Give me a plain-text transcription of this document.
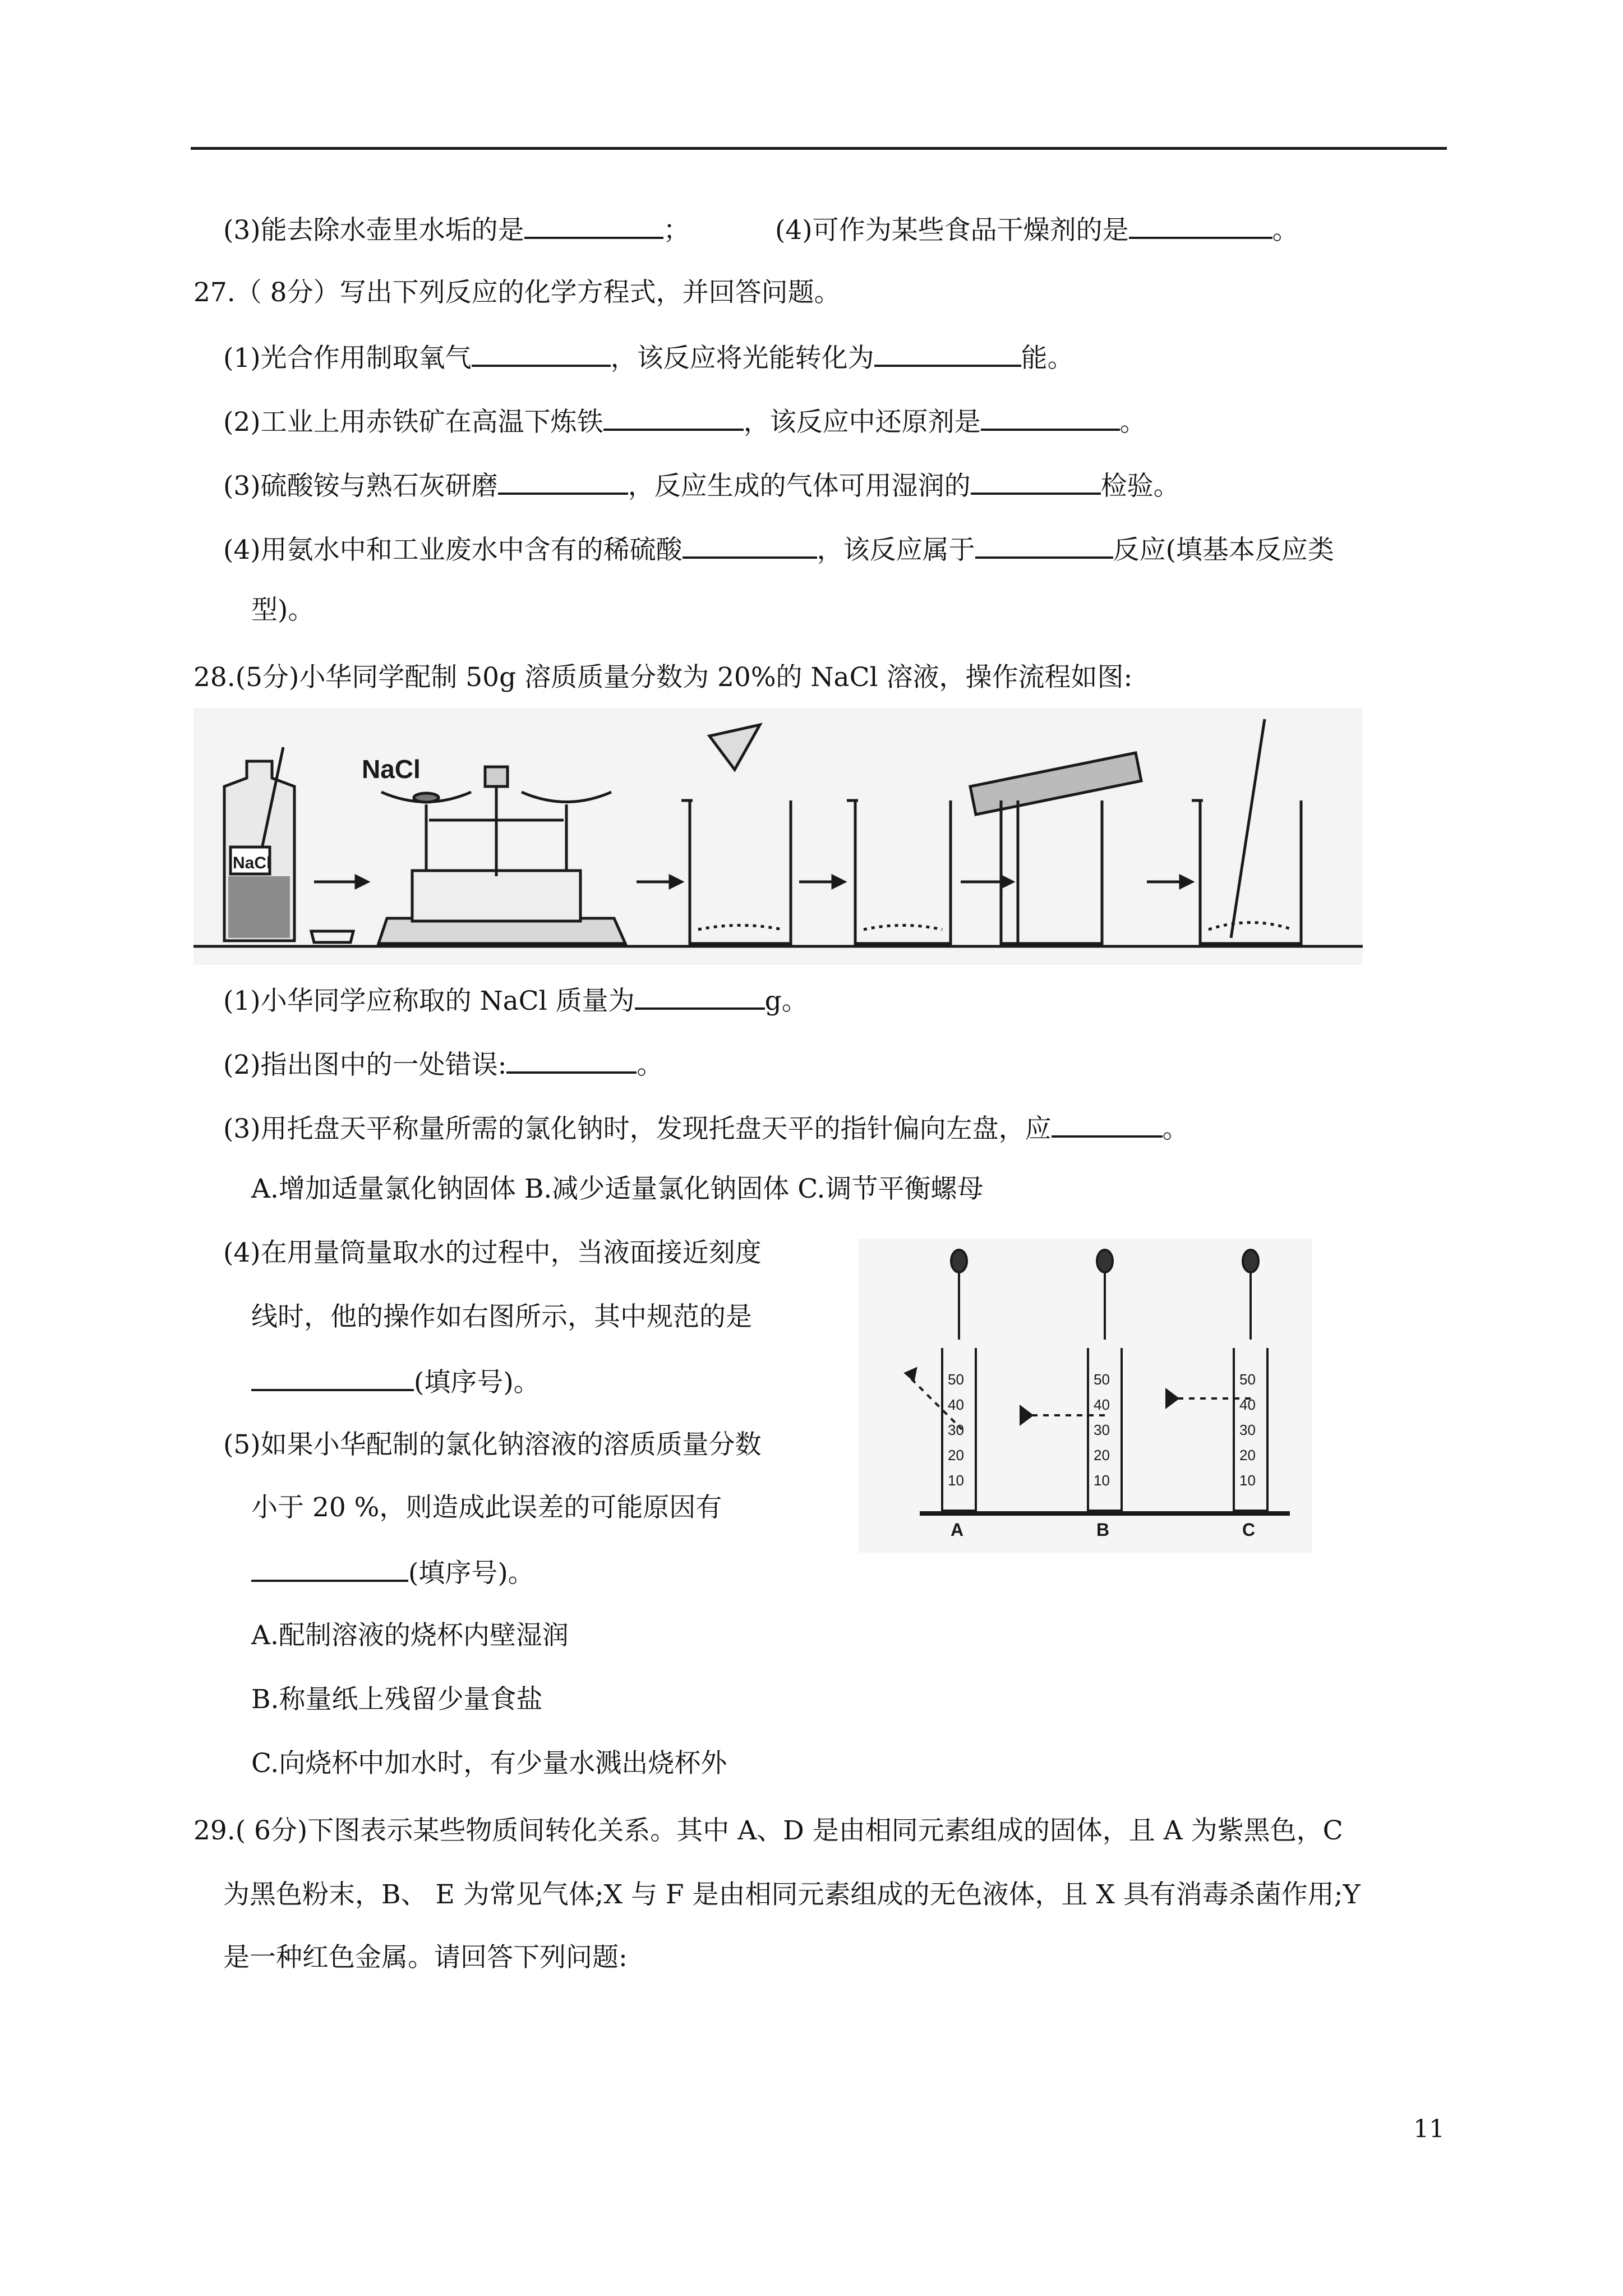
(3)能去除水壶里水垢的是	；	(4)可作为某些食品干燥剂的是	。
27.（ 8分）写出下列反应的化学方程式，并回答问题。
(1)光合作用制取氧气	，该反应将光能转化为	能。
(2)工业上用赤铁矿在高温下炼铁	，该反应中还原剂是	。
(3)硫酸铵与熟石灰研磨	，反应生成的气体可用湿润的	检验。
(4)用氨水中和工业废水中含有的稀硫酸	，该反应属于	反应(填基本反应类
型)。
28.(5分)小华同学配制 50g 溶质质量分数为 20%的 NaCl 溶液，操作流程如图:
NaCl
NaCl
(1)小华同学应称取的 NaCl 质量为	g。
(2)指出图中的一处错误:	。
(3)用托盘天平称量所需的氯化钠时，发现托盘天平的指针偏向左盘，应	。
A.增加适量氯化钠固体 B.减少适量氯化钠固体 C.调节平衡螺母
(4)在用量筒量取水的过程中，当液面接近刻度
线时，他的操作如右图所示，其中规范的是
(填序号)。
(5)如果小华配制的氯化钠溶液的溶质质量分数
小于 20 %，则造成此误差的可能原因有
(填序号)。
A.配制溶液的烧杯内壁湿润
B.称量纸上残留少量食盐
C.向烧杯中加水时，有少量水溅出烧杯外
50
40
30
20
10
50
40
30
20
10
50
40
30
20
10
A	B	C
29.( 6分)下图表示某些物质间转化关系。其中 A、D 是由相同元素组成的固体，且 A 为紫黑色，C
为黑色粉末，B、 E 为常见气体;X 与 F 是由相同元素组成的无色液体，且 X 具有消毒杀菌作用;Y
是一种红色金属。请回答下列问题:
11
